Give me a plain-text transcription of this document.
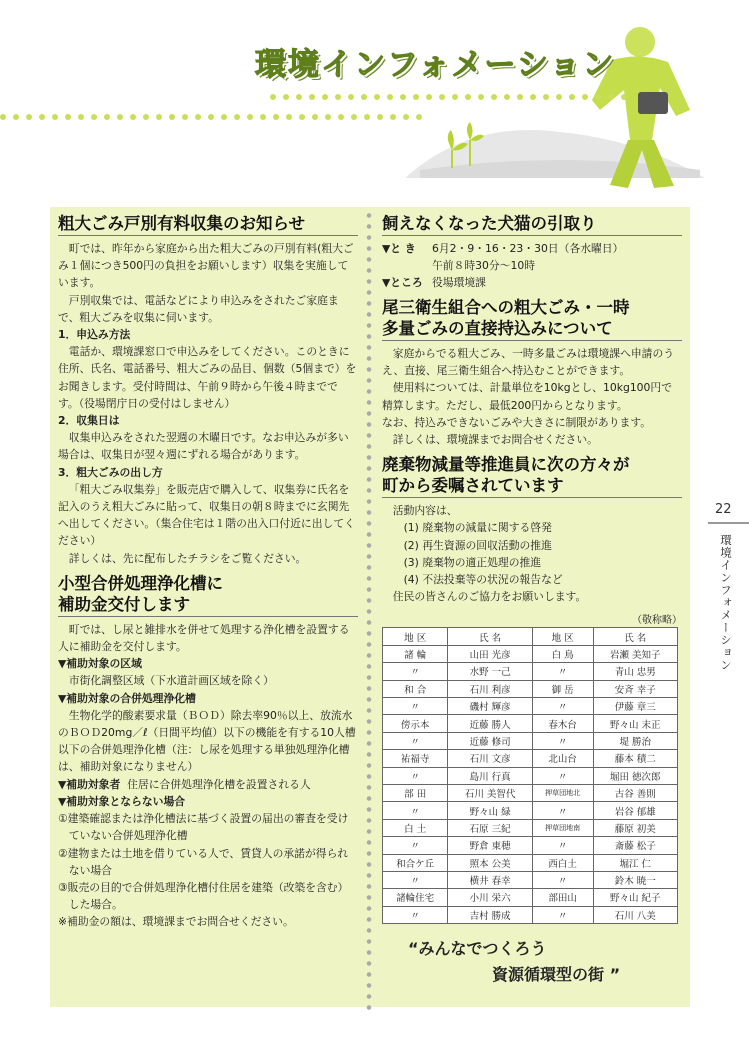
環境インフォメーション
粗大ごみ戸別有料収集のお知らせ

町では、昨年から家庭から出た粗大ごみの戸別有料(粗大ごみ１個につき500円の負担をお願いします）収集を実施しています。

戸別収集では、電話などにより申込みをされたご家庭まで、粗大ごみを収集に伺います。

1．申込み方法

電話か、環境課窓口で申込みをしてください。このときに住所、氏名、電話番号、粗大ごみの品目、個数（5個まで）をお聞きします。受付時間は、午前９時から午後４時までです。（役場閉庁日の受付はしません）

2．収集日は

収集申込みをされた翌週の木曜日です。なお申込みが多い場合は、収集日が翌々週にずれる場合があります。

3．粗大ごみの出し方

「粗大ごみ収集券」を販売店で購入して、収集券に氏名を記入のうえ粗大ごみに貼って、収集日の朝８時までに玄関先へ出してください。（集合住宅は１階の出入口付近に出してください）

詳しくは、先に配布したチラシをご覧ください。

小型合併処理浄化槽に
補助金交付します

町では、し尿と雑排水を併せて処理する浄化槽を設置する人に補助金を交付します。

▼補助対象の区域

市街化調整区域（下水道計画区域を除く）

▼補助対象の合併処理浄化槽

生物化学的酸素要求量（ＢＯＤ）除去率90％以上、放流水のＢＯＤ20mg／ℓ（日間平均値）以下の機能を有する10人槽以下の合併処理浄化槽（注：し尿を処理する単独処理浄化槽は、補助対象になりません）

▼補助対象者 住居に合併処理浄化槽を設置される人

▼補助対象とならない場合

①建築確認または浄化槽法に基づく設置の届出の審査を受けていない合併処理浄化槽

②建物または土地を借りている人で、賃貸人の承諾が得られない場合

③販売の目的で合併処理浄化槽付住居を建築（改築を含む）した場合。

※補助金の額は、環境課までお問合せください。

飼えなくなった犬猫の引取り
▼と き	6月2・9・16・23・30日（各水曜日）
午前８時30分〜10時
▼ところ 役場環境課
尾三衛生組合への粗大ごみ・一時
多量ごみの直接持込みについて

家庭からでる粗大ごみ、一時多量ごみは環境課へ申請のうえ、直接、尾三衛生組合へ持込むことができます。

使用料については、計量単位を10kgとし、10kg100円で精算します。ただし、最低200円からとなります。

なお、持込みできないごみや大きさに制限があります。

詳しくは、環境課までお問合せください。

廃棄物減量等推進員に次の方々が
町から委嘱されています

活動内容は、

(1) 廃棄物の減量に関する啓発

(2) 再生資源の回収活動の推進

(3) 廃棄物の適正処理の推進

(4) 不法投棄等の状況の報告など

住民の皆さんのご協力をお願いします。

（敬称略）
地 区	氏 名	地 区	氏 名
諸 輪	山田 光彦	白 鳥	岩瀬 美知子
〃	水野 一己	〃	青山 忠男
和 合	石川 利彦	御 岳	安斉 幸子
〃	磯村 輝彦	〃	伊藤 章三
傍示本	近藤 勝人	春木台	野々山 末正
〃	近藤 修司	〃	堤 勝治
祐福寺	石川 文彦	北山台	藤本 積二
〃	島川 行真	〃	堀田 徳次郎
部 田	石川 美智代	押草団地北	古谷 善則
〃	野々山 緑	〃	岩谷 郁雄
白 土	石原 三紀	押草団地南	藤原 初美
〃	野倉 東穂	〃	斎藤 松子
和合ケ丘	照本 公美	西白土	堀江 仁
〃	横井 春幸	〃	鈴木 暁一
諸輪住宅	小川 栄六	部田山	野々山 紀子
〃	吉村 勝成	〃	石川 八美
“みんなでつくろう
資源循環型の街 ”
22
環境インフォメーション
